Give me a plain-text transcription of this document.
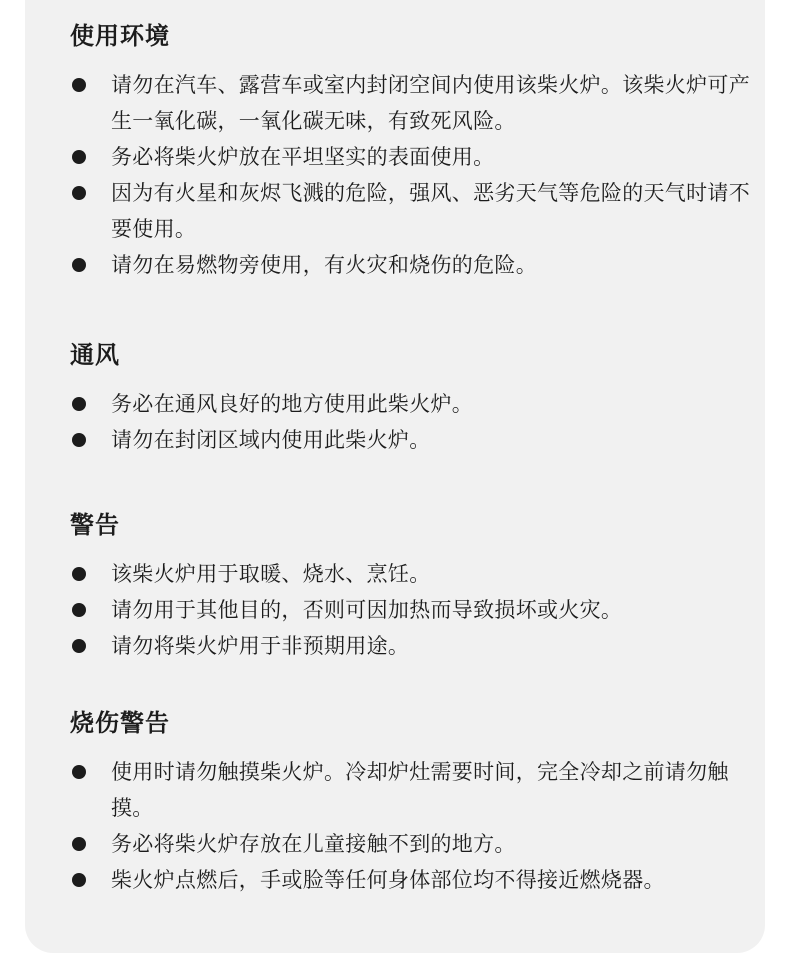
使用环境
请勿在汽车、露营车或室内封闭空间内使用该柴火炉。该柴火炉可产生一氧化碳，一氧化碳无味，有致死风险。
务必将柴火炉放在平坦坚实的表面使用。
因为有火星和灰烬飞溅的危险，强风、恶劣天气等危险的天气时请不要使用。
请勿在易燃物旁使用，有火灾和烧伤的危险。
通风
务必在通风良好的地方使用此柴火炉。
请勿在封闭区域内使用此柴火炉。
警告
该柴火炉用于取暖、烧水、烹饪。
请勿用于其他目的，否则可因加热而导致损坏或火灾。
请勿将柴火炉用于非预期用途。
烧伤警告
使用时请勿触摸柴火炉。冷却炉灶需要时间，完全冷却之前请勿触摸。
务必将柴火炉存放在儿童接触不到的地方。
柴火炉点燃后，手或脸等任何身体部位均不得接近燃烧器。
